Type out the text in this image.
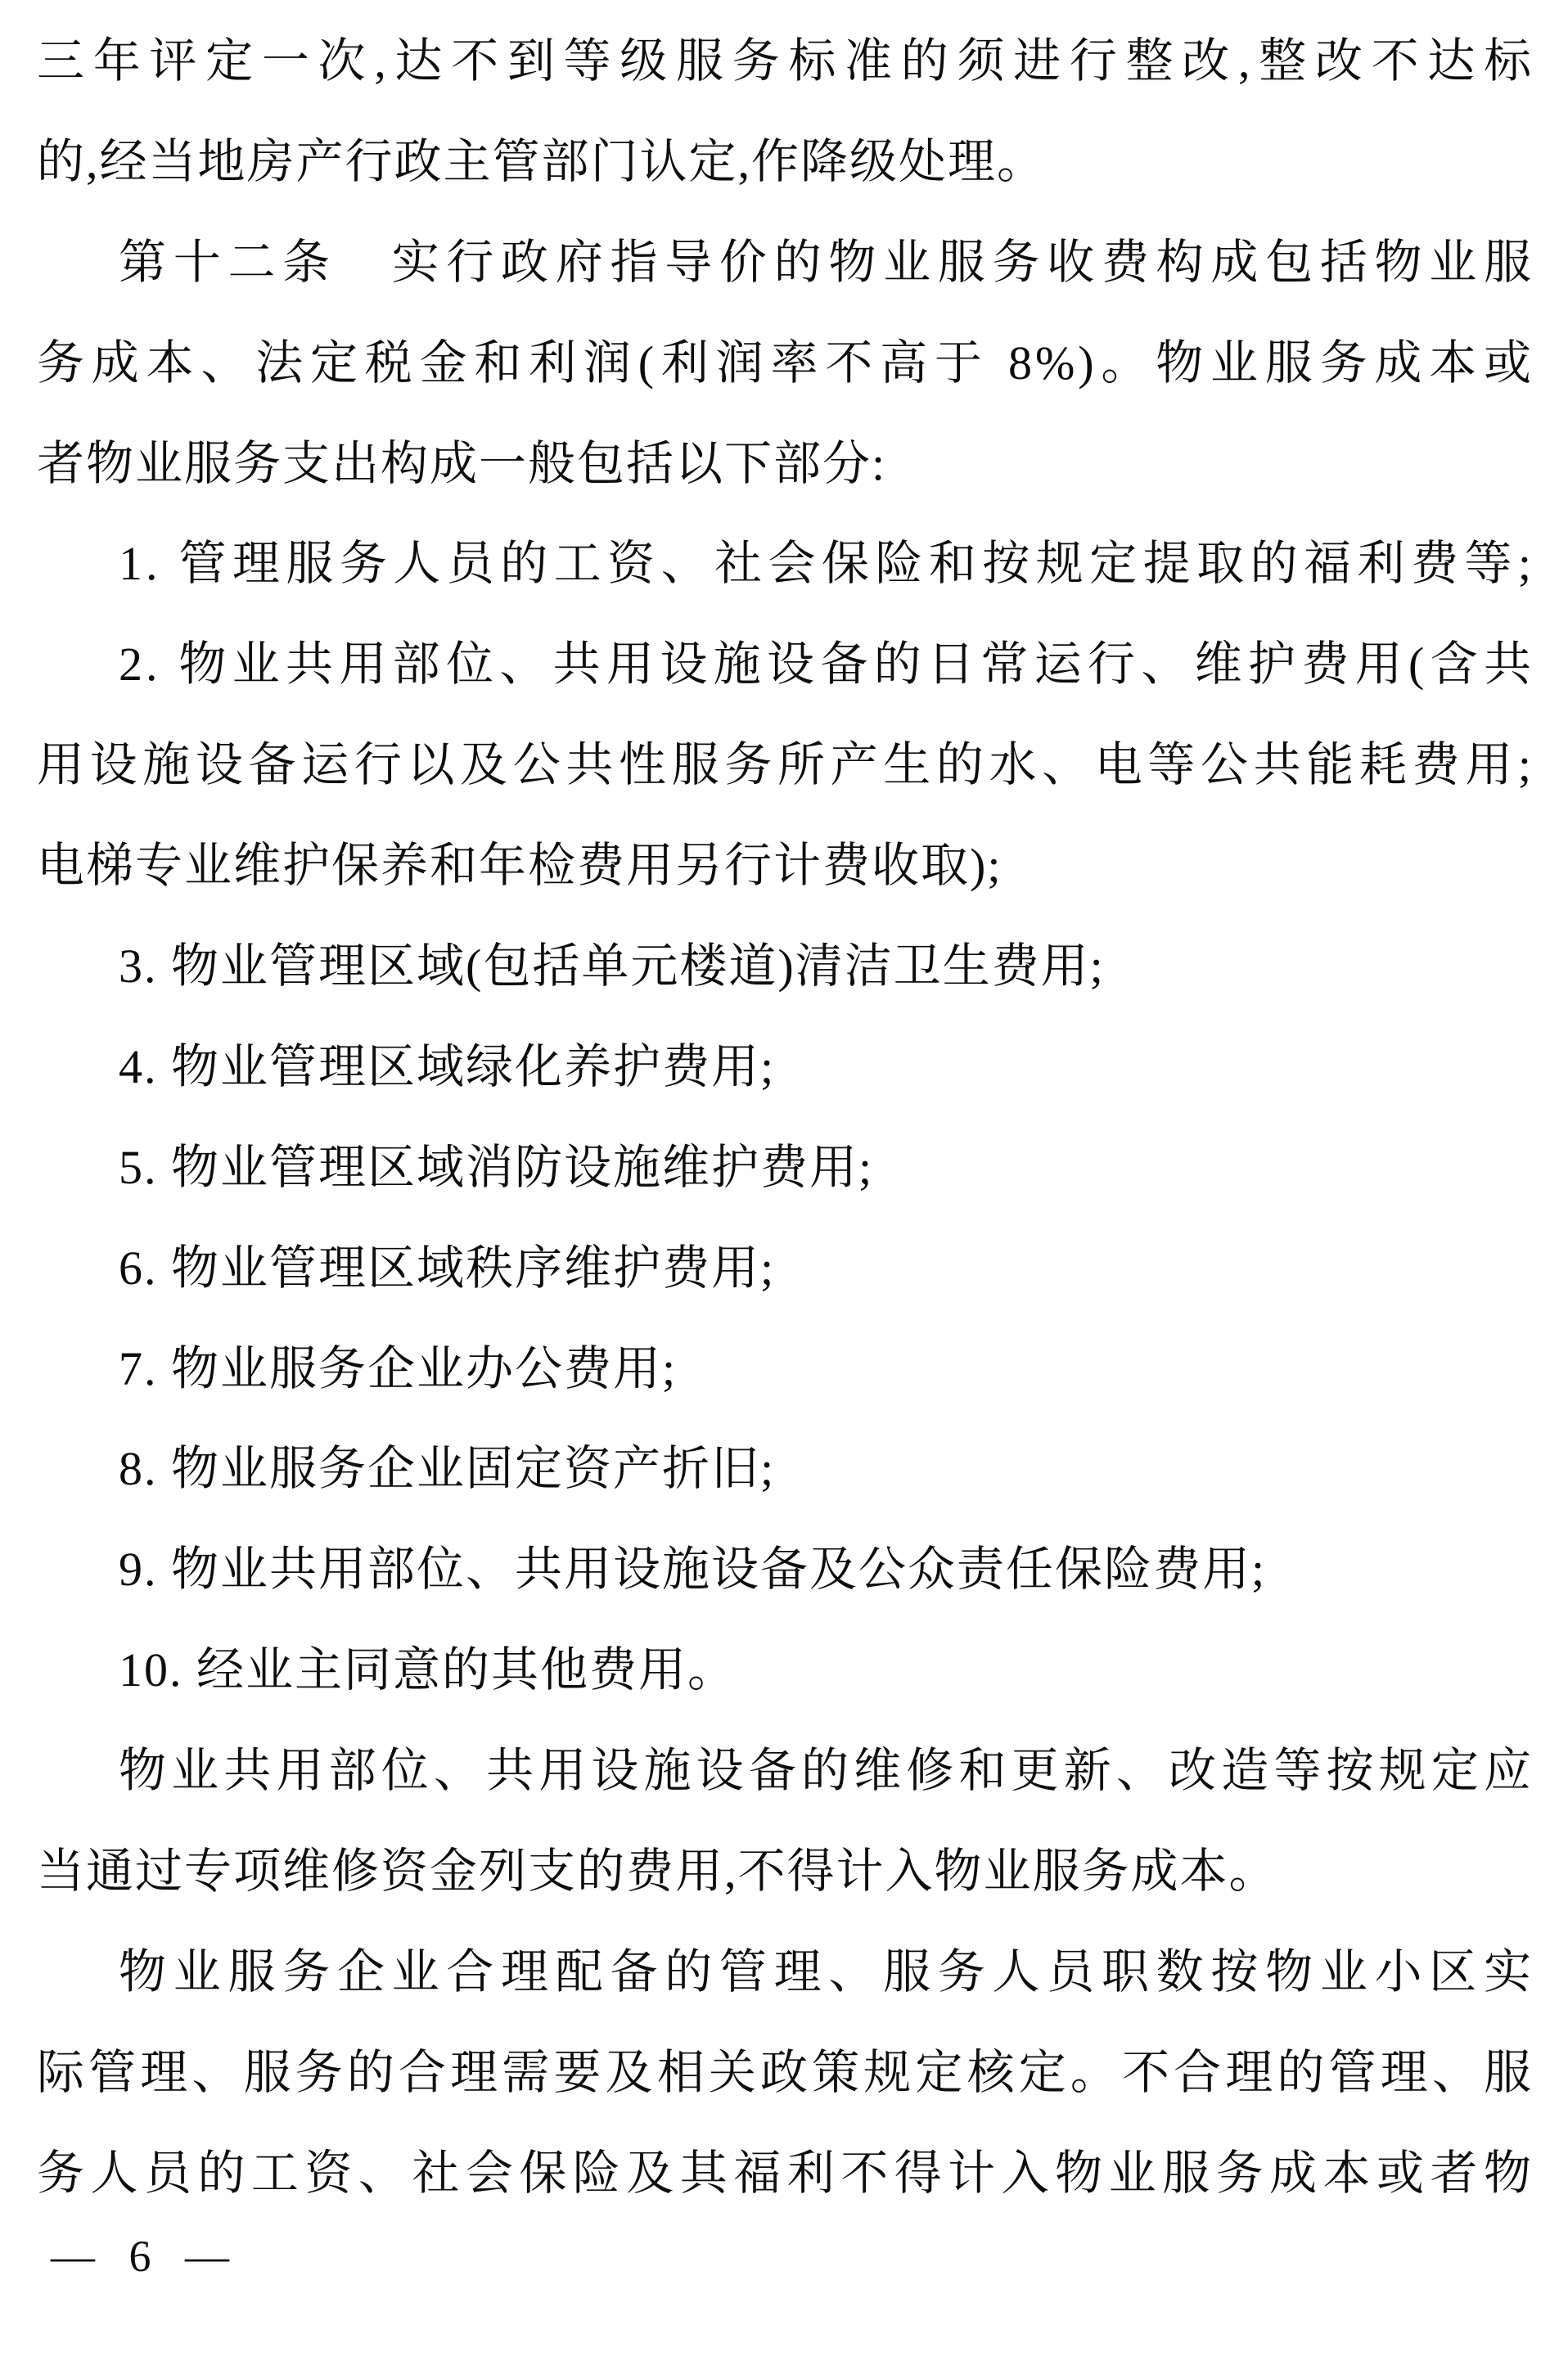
三年评定一次,达不到等级服务标准的须进行整改,整改不达标
的,经当地房产行政主管部门认定,作降级处理。
第十二条　实行政府指导价的物业服务收费构成包括物业服
务成本、法定税金和利润(利润率不高于 8%)。物业服务成本或
者物业服务支出构成一般包括以下部分:
1. 管理服务人员的工资、社会保险和按规定提取的福利费等;
2. 物业共用部位、共用设施设备的日常运行、维护费用(含共
用设施设备运行以及公共性服务所产生的水、电等公共能耗费用;
电梯专业维护保养和年检费用另行计费收取);
3. 物业管理区域(包括单元楼道)清洁卫生费用;
4. 物业管理区域绿化养护费用;
5. 物业管理区域消防设施维护费用;
6. 物业管理区域秩序维护费用;
7. 物业服务企业办公费用;
8. 物业服务企业固定资产折旧;
9. 物业共用部位、共用设施设备及公众责任保险费用;
10. 经业主同意的其他费用。
物业共用部位、共用设施设备的维修和更新、改造等按规定应
当通过专项维修资金列支的费用,不得计入物业服务成本。
物业服务企业合理配备的管理、服务人员职数按物业小区实
际管理、服务的合理需要及相关政策规定核定。不合理的管理、服
务人员的工资、社会保险及其福利不得计入物业服务成本或者物
— 6 —
